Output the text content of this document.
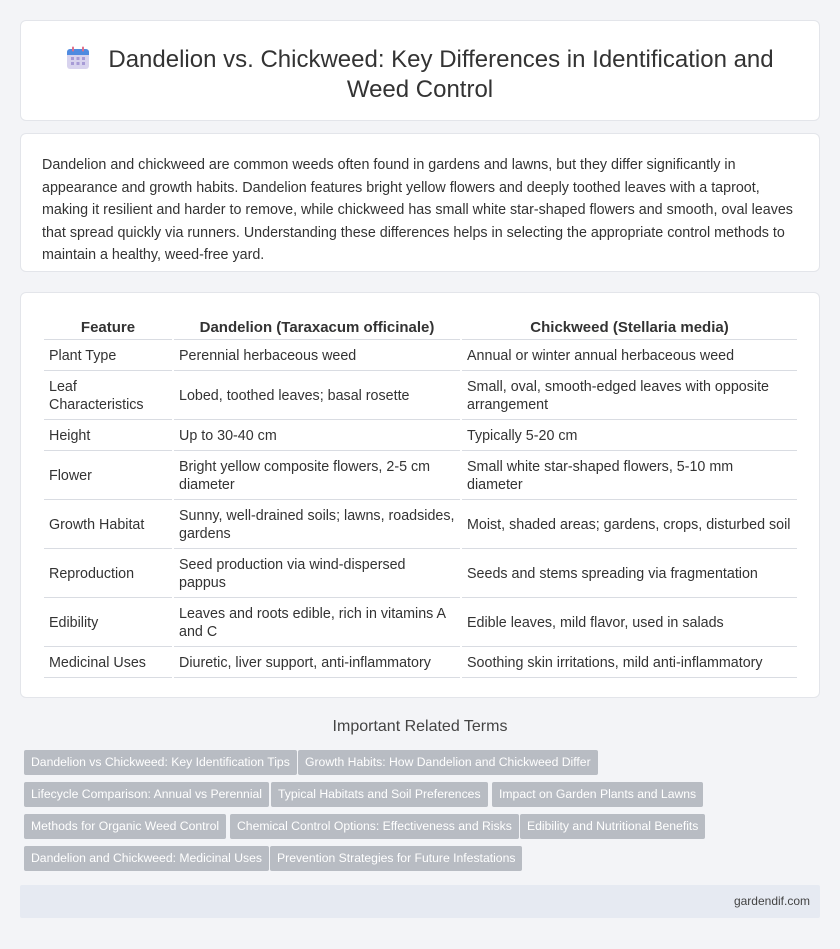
Dandelion vs. Chickweed: Key Differences in Identification and Weed Control

Dandelion and chickweed are common weeds often found in gardens and lawns, but they differ significantly in appearance and growth habits. Dandelion features bright yellow flowers and deeply toothed leaves with a taproot, making it resilient and harder to remove, while chickweed has small white star-shaped flowers and smooth, oval leaves that spread quickly via runners. Understanding these differences helps in selecting the appropriate control methods to maintain a healthy, weed-free yard.

Feature	Dandelion (Taraxacum officinale)	Chickweed (Stellaria media)
Plant Type	Perennial herbaceous weed	Annual or winter annual herbaceous weed
Leaf Characteristics	Lobed, toothed leaves; basal rosette	Small, oval, smooth-edged leaves with opposite arrangement
Height	Up to 30-40 cm	Typically 5-20 cm
Flower	Bright yellow composite flowers, 2-5 cm diameter	Small white star-shaped flowers, 5-10 mm diameter
Growth Habitat	Sunny, well-drained soils; lawns, roadsides, gardens	Moist, shaded areas; gardens, crops, disturbed soil
Reproduction	Seed production via wind-dispersed pappus	Seeds and stems spreading via fragmentation
Edibility	Leaves and roots edible, rich in vitamins A and C	Edible leaves, mild flavor, used in salads
Medicinal Uses	Diuretic, liver support, anti-inflammatory	Soothing skin irritations, mild anti-inflammatory
Important Related Terms
Dandelion vs Chickweed: Key Identification Tips	Growth Habits: How Dandelion and Chickweed Differ
Lifecycle Comparison: Annual vs Perennial	Typical Habitats and Soil Preferences	Impact on Garden Plants and Lawns
Methods for Organic Weed Control	Chemical Control Options: Effectiveness and Risks	Edibility and Nutritional Benefits
Dandelion and Chickweed: Medicinal Uses	Prevention Strategies for Future Infestations
gardendif.com
